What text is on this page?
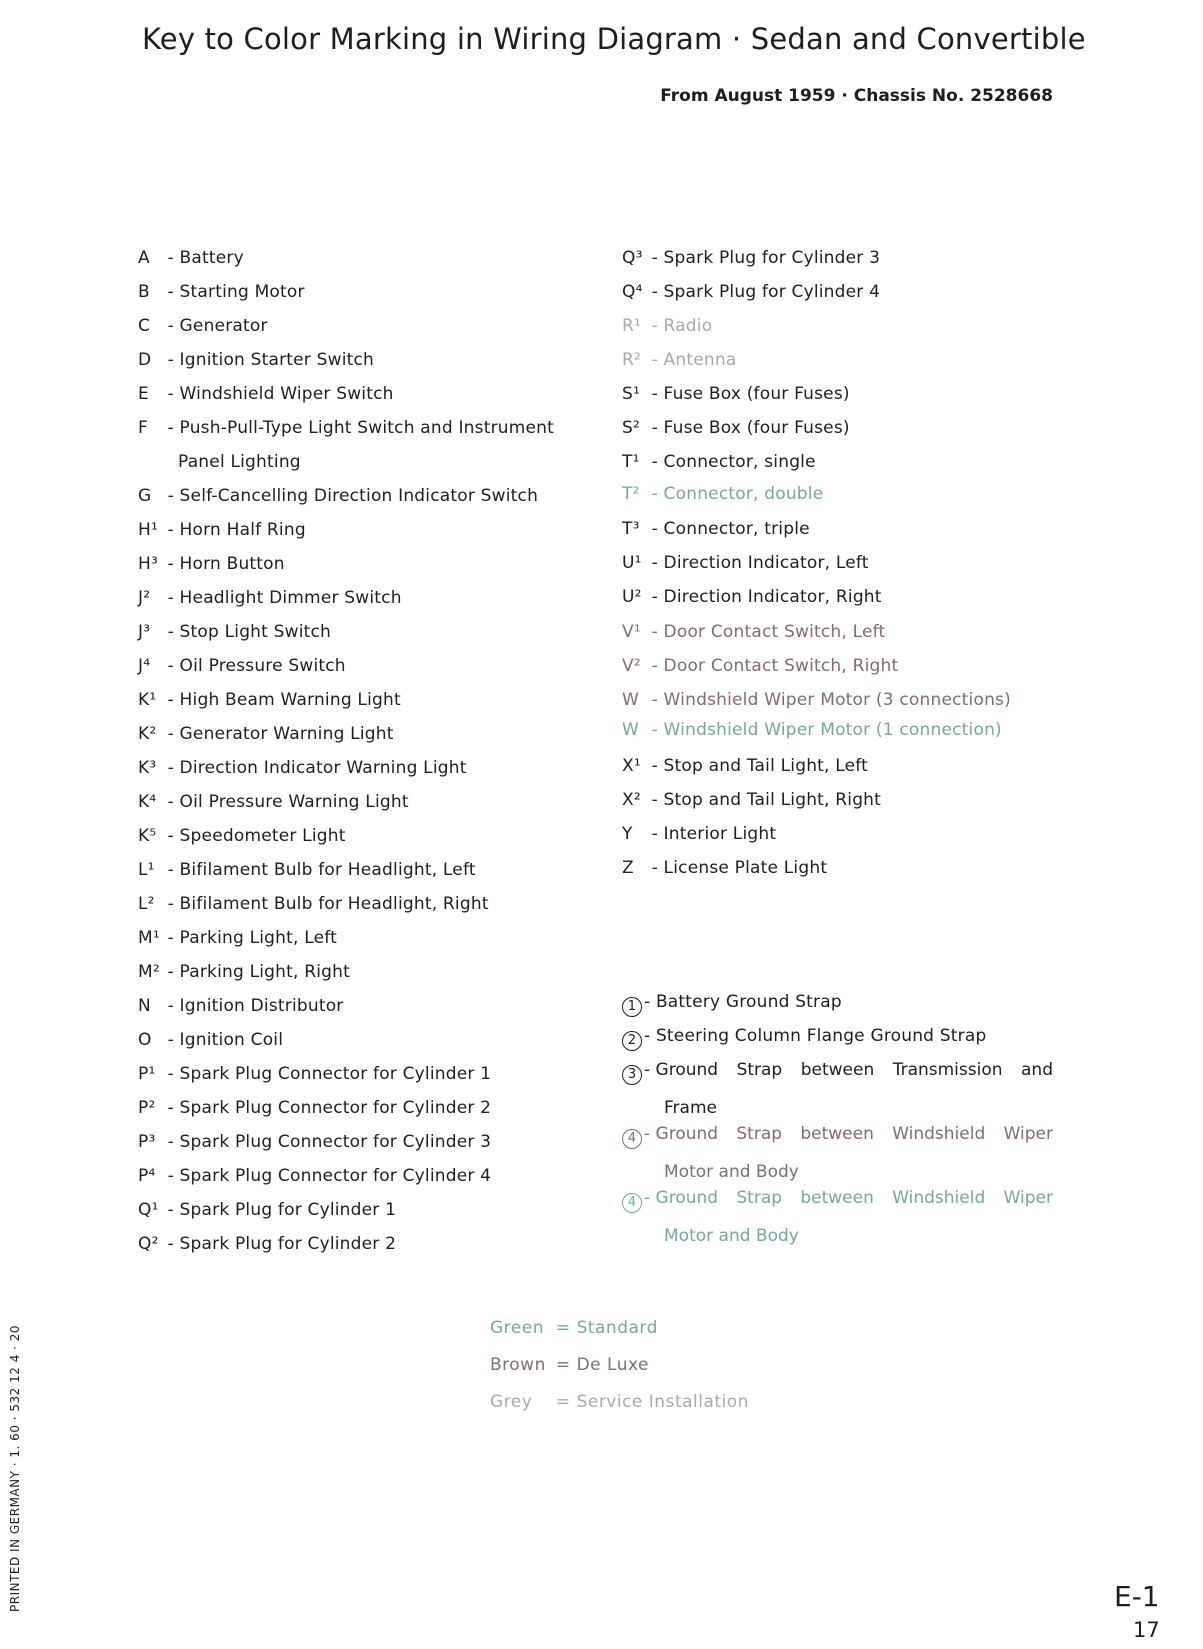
Key to Color Marking in Wiring Diagram · Sedan and Convertible
From August 1959 · Chassis No. 2528668
A - Battery
B - Starting Motor
C - Generator
D - Ignition Starter Switch
E - Windshield Wiper Switch
F - Push-Pull-Type Light Switch and Instrument
Panel Lighting
G - Self-Cancelling Direction Indicator Switch
H¹ - Horn Half Ring
H³ - Horn Button
J² - Headlight Dimmer Switch
J³ - Stop Light Switch
J⁴ - Oil Pressure Switch
K¹ - High Beam Warning Light
K² - Generator Warning Light
K³ - Direction Indicator Warning Light
K⁴ - Oil Pressure Warning Light
K⁵ - Speedometer Light
L¹ - Bifilament Bulb for Headlight, Left
L² - Bifilament Bulb for Headlight, Right
M¹ - Parking Light, Left
M² - Parking Light, Right
N - Ignition Distributor
O - Ignition Coil
P¹ - Spark Plug Connector for Cylinder 1
P² - Spark Plug Connector for Cylinder 2
P³ - Spark Plug Connector for Cylinder 3
P⁴ - Spark Plug Connector for Cylinder 4
Q¹ - Spark Plug for Cylinder 1
Q² - Spark Plug for Cylinder 2
Q³ - Spark Plug for Cylinder 3
Q⁴ - Spark Plug for Cylinder 4
R¹ - Radio
R² - Antenna
S¹ - Fuse Box (four Fuses)
S² - Fuse Box (four Fuses)
T¹ - Connector, single
T² - Connector, double
T³ - Connector, triple
U¹ - Direction Indicator, Left
U² - Direction Indicator, Right
V¹ - Door Contact Switch, Left
V² - Door Contact Switch, Right
W - Windshield Wiper Motor (3 connections)
W - Windshield Wiper Motor (1 connection)
X¹ - Stop and Tail Light, Left
X² - Stop and Tail Light, Right
Y - Interior Light
Z - License Plate Light
1 - Battery Ground Strap
2 - Steering Column Flange Ground Strap
3 - Ground Strap between Transmission and
Frame
4 - Ground Strap between Windshield Wiper
Motor and Body
4 - Ground Strap between Windshield Wiper
Motor and Body
Green = Standard
Brown = De Luxe
Grey = Service Installation
PRINTED IN GERMANY · 1. 60 · 532 12 4 · 20	E-1
17
